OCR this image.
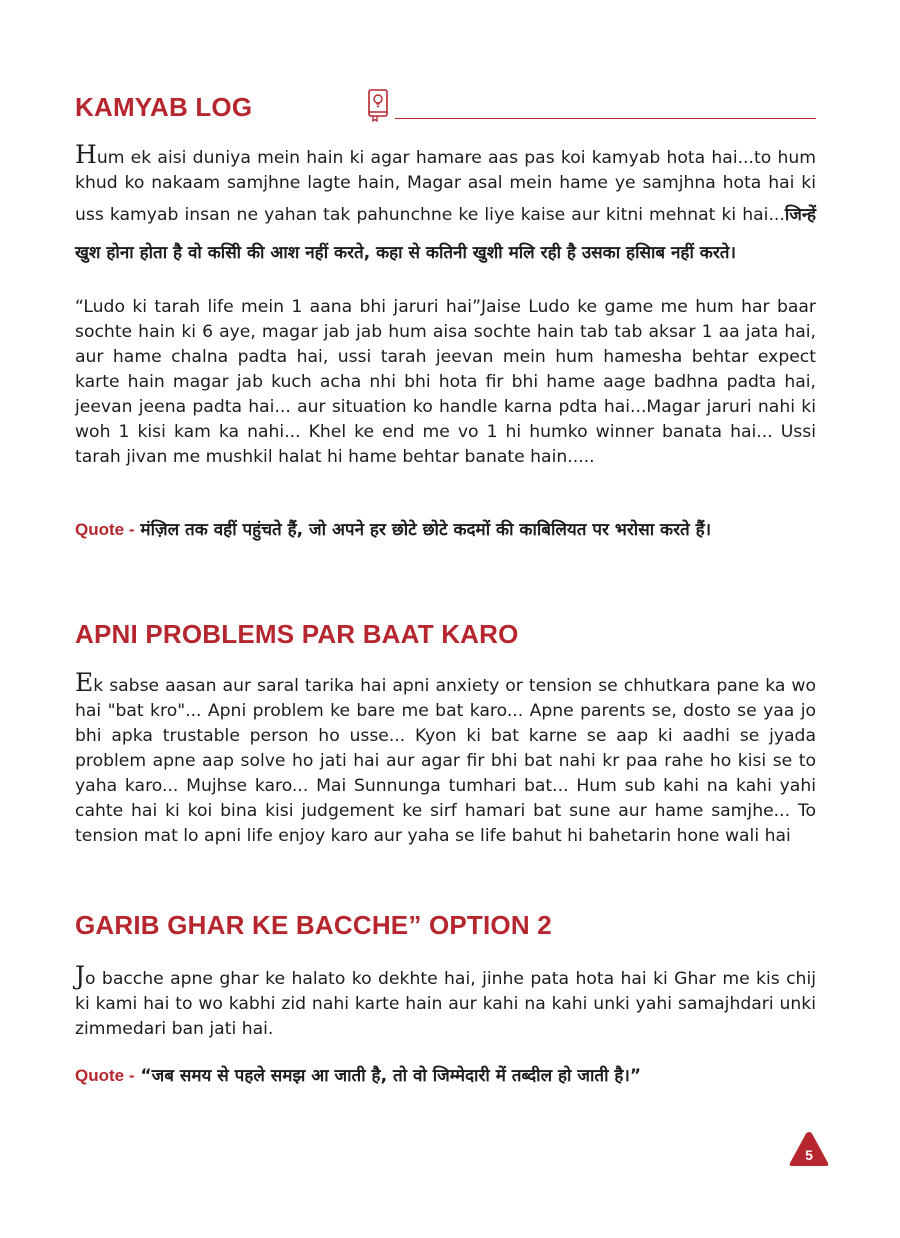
KAMYAB LOG

Hum ek aisi duniya mein hain ki agar hamare aas pas koi kamyab hota hai...to hum khud ko nakaam samjhne lagte hain, Magar asal mein hame ye samjhna hota hai ki uss kamyab insan ne yahan tak pahunchne ke liye kaise aur kitni mehnat ki hai...जिन्हें खुश होना होता है वो कसिी की आश नहीं करते, कहा से कतिनी खुशी मलि रही है उसका हसिाब नहीं करते।

“Ludo ki tarah life mein 1 aana bhi jaruri hai”Jaise Ludo ke game me hum har baar sochte hain ki 6 aye, magar jab jab hum aisa sochte hain tab tab aksar 1 aa jata hai, aur hame chalna padta hai, ussi tarah jeevan mein hum hamesha behtar expect karte hain magar jab kuch acha nhi bhi hota fir bhi hame aage badhna padta hai, jeevan jeena padta hai... aur situation ko handle karna pdta hai...Magar jaruri nahi ki woh 1 kisi kam ka nahi... Khel ke end me vo 1 hi humko winner banata hai... Ussi tarah jivan me mushkil halat hi hame behtar banate hain.....

Quote - मंज़िल तक वहीं पहुंचते हैं, जो अपने हर छोटे छोटे कदमों की काबिलियत पर भरोसा करते हैं।

APNI PROBLEMS PAR BAAT KARO

Ek sabse aasan aur saral tarika hai apni anxiety or tension se chhutkara pane ka wo hai "bat kro"... Apni problem ke bare me bat karo... Apne parents se, dosto se yaa jo bhi apka trustable person ho usse... Kyon ki bat karne se aap ki aadhi se jyada problem apne aap solve ho jati hai aur agar fir bhi bat nahi kr paa rahe ho kisi se to yaha karo... Mujhse karo... Mai Sunnunga tumhari bat... Hum sub kahi na kahi yahi cahte hai ki koi bina kisi judgement ke sirf hamari bat sune aur hame samjhe... To tension mat lo apni life enjoy karo aur yaha se life bahut hi bahetarin hone wali hai

GARIB GHAR KE BACCHE” OPTION 2

Jo bacche apne ghar ke halato ko dekhte hai, jinhe pata hota hai ki Ghar me kis chij ki kami hai to wo kabhi zid nahi karte hain aur kahi na kahi unki yahi samajhdari unki zimmedari ban jati hai.

Quote - “जब समय से पहले समझ आ जाती है, तो वो जिम्मेदारी में तब्दील हो जाती है।”

5
